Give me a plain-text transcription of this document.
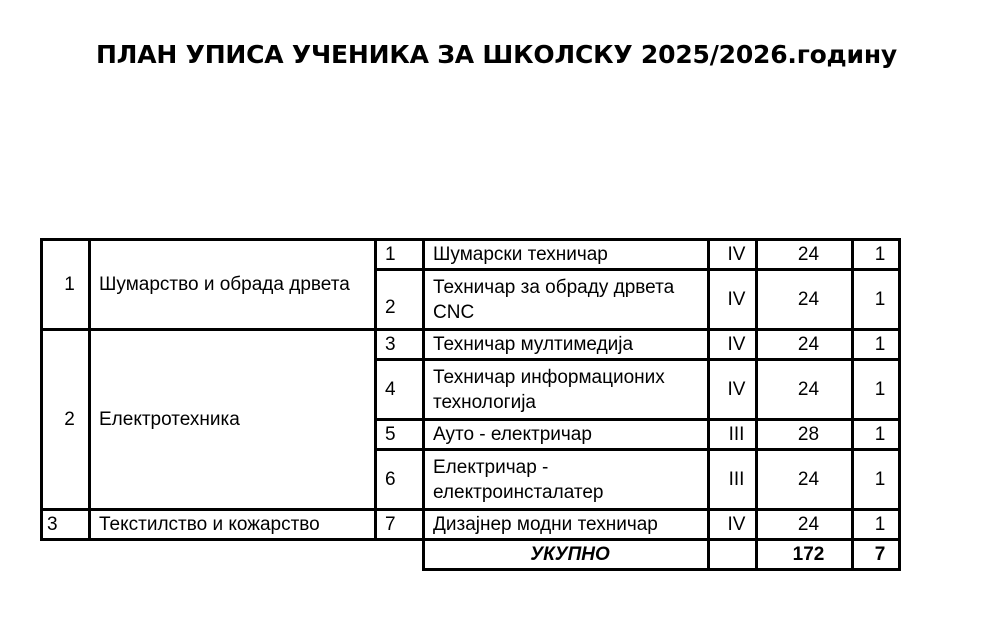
ПЛАН УПИСА УЧЕНИКА ЗА ШКОЛСКУ 2025/2026.годину
1	Шумарство и обрада дрвета	1	Шумарски техничар	IV	24	1
		2	Техничар за обраду дрвета CNC	IV	24	1
2	Електротехника	3	Техничар мултимедија	IV	24	1
		4	Техничар информационих технологија	IV	24	1
		5	Ауто - електричар	III	28	1
		6	Електричар - електроинсталатер	III	24	1
3	Текстилство и кожарство	7	Дизајнер модни техничар	IV	24	1
			УКУПНО		172	7
